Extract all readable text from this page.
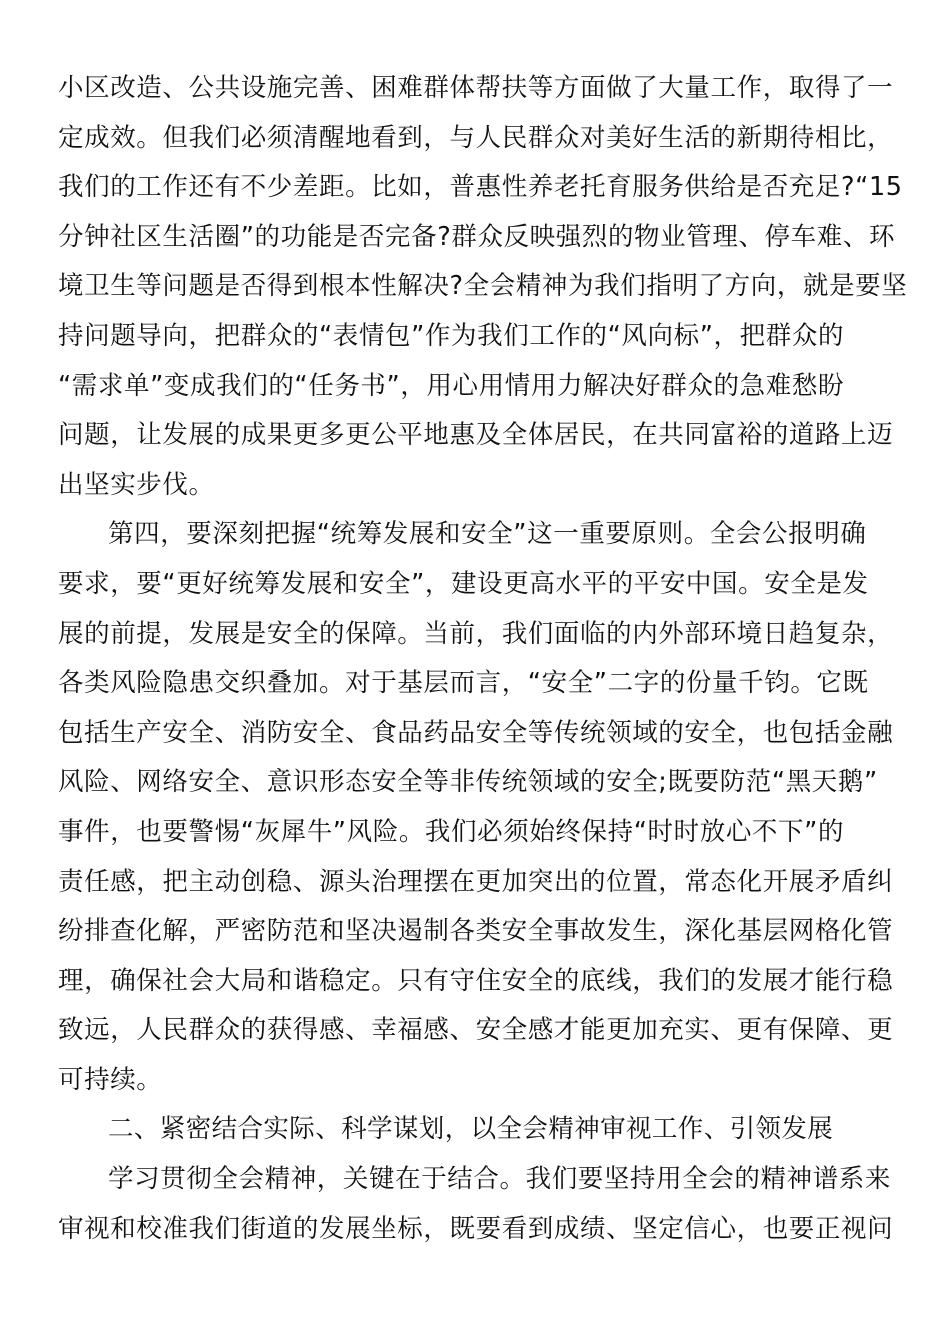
小区改造、公共设施完善、困难群体帮扶等方面做了大量工作，取得了一
定成效。但我们必须清醒地看到，与人民群众对美好生活的新期待相比，
我们的工作还有不少差距。比如，普惠性养老托育服务供给是否充足?“15
分钟社区生活圈”的功能是否完备?群众反映强烈的物业管理、停车难、环
境卫生等问题是否得到根本性解决?全会精神为我们指明了方向，就是要坚
持问题导向，把群众的“表情包”作为我们工作的“风向标”，把群众的
“需求单”变成我们的“任务书”，用心用情用力解决好群众的急难愁盼
问题，让发展的成果更多更公平地惠及全体居民，在共同富裕的道路上迈
出坚实步伐。
第四，要深刻把握“统筹发展和安全”这一重要原则。全会公报明确
要求，要“更好统筹发展和安全”，建设更高水平的平安中国。安全是发
展的前提，发展是安全的保障。当前，我们面临的内外部环境日趋复杂，
各类风险隐患交织叠加。对于基层而言，“安全”二字的份量千钧。它既
包括生产安全、消防安全、食品药品安全等传统领域的安全，也包括金融
风险、网络安全、意识形态安全等非传统领域的安全;既要防范“黑天鹅”
事件，也要警惕“灰犀牛”风险。我们必须始终保持“时时放心不下”的
责任感，把主动创稳、源头治理摆在更加突出的位置，常态化开展矛盾纠
纷排查化解，严密防范和坚决遏制各类安全事故发生，深化基层网格化管
理，确保社会大局和谐稳定。只有守住安全的底线，我们的发展才能行稳
致远，人民群众的获得感、幸福感、安全感才能更加充实、更有保障、更
可持续。
二、紧密结合实际、科学谋划，以全会精神审视工作、引领发展
学习贯彻全会精神，关键在于结合。我们要坚持用全会的精神谱系来
审视和校准我们街道的发展坐标，既要看到成绩、坚定信心，也要正视问
